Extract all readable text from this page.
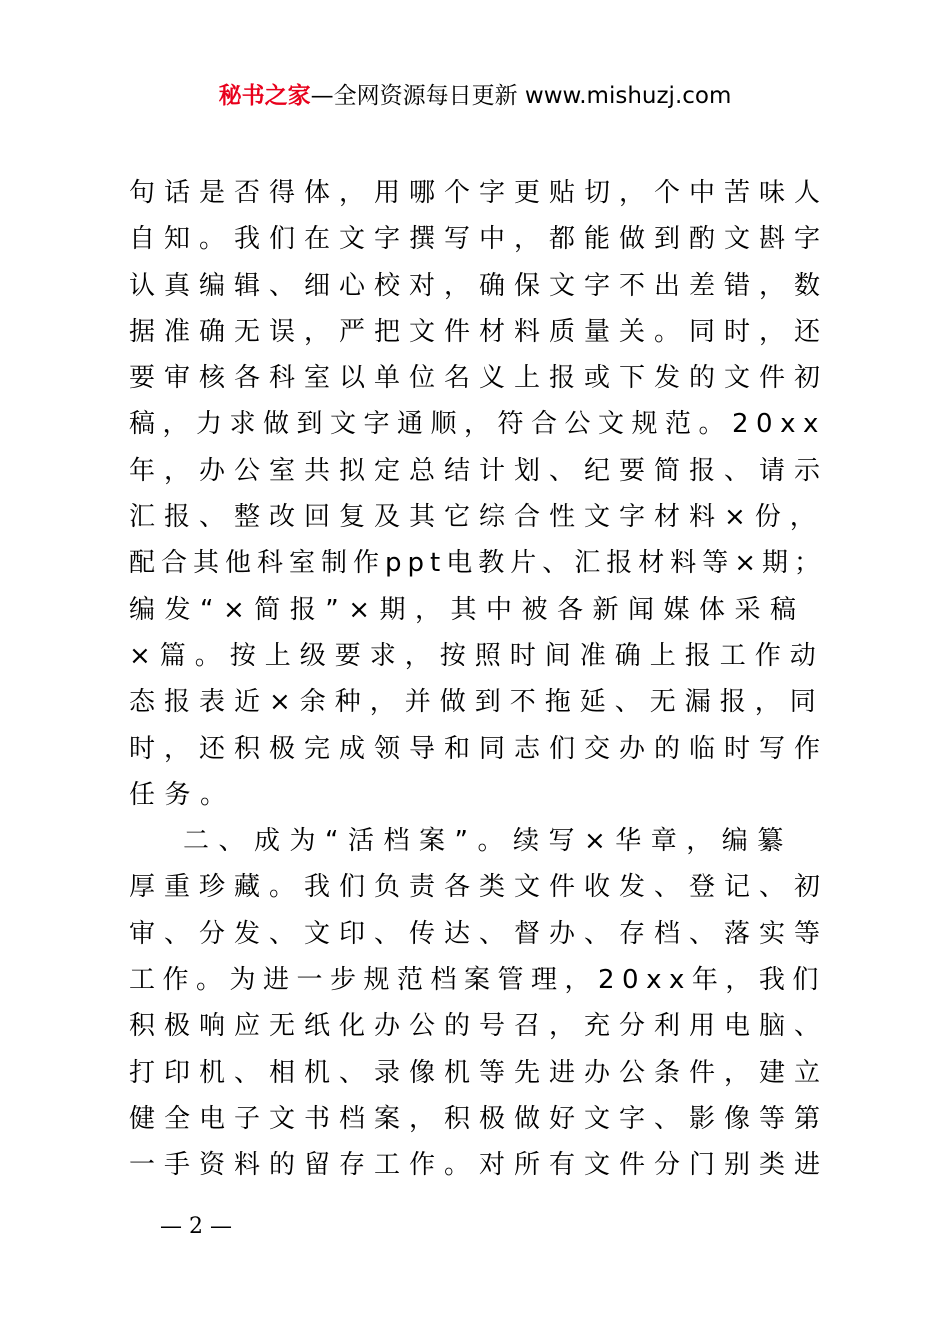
秘书之家—全网资源每日更新 www.mishuzj.com
句话是否得体，用哪个字更贴切，个中苦味人
自知。我们在文字撰写中，都能做到酌文斟字
认真编辑、细心校对，确保文字不出差错，数
据准确无误，严把文件材料质量关。同时，还
要审核各科室以单位名义上报或下发的文件初
稿，力求做到文字通顺，符合公文规范。20xx
年，办公室共拟定总结计划、纪要简报、请示
汇报、整改回复及其它综合性文字材料×份，
配合其他科室制作ppt电教片、汇报材料等×期；
编发“×简报”×期，其中被各新闻媒体采稿
×篇。按上级要求，按照时间准确上报工作动
态报表近×余种，并做到不拖延、无漏报，同
时，还积极完成领导和同志们交办的临时写作
任务。
二、成为“活档案”。续写×华章，编纂
厚重珍藏。我们负责各类文件收发、登记、初
审、分发、文印、传达、督办、存档、落实等
工作。为进一步规范档案管理，20xx年，我们
积极响应无纸化办公的号召，充分利用电脑、
打印机、相机、录像机等先进办公条件，建立
健全电子文书档案，积极做好文字、影像等第
一手资料的留存工作。对所有文件分门别类进
— 2 —
